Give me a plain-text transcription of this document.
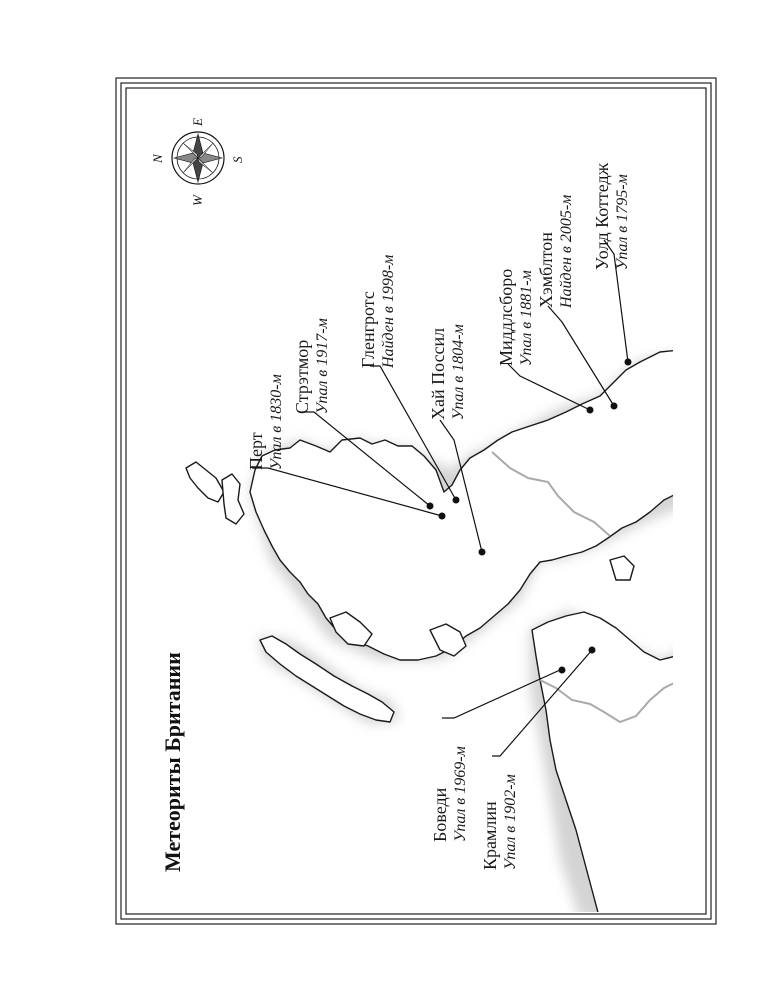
Метеориты Британии
N
E
S
W
Перт Упал в 1830-м Стрэтмор Упал в 1917-м Гленгротс Найден в 1998-м
Хай Поссил Упал в 1804-м
Миддлсборо Упал в 1881-м
Хэмблтон Найден в 2005-м Уолд Коттедж Упал в 1795-м
Боведи Упал в 1969-м Крамлин Упал в 1902-м
